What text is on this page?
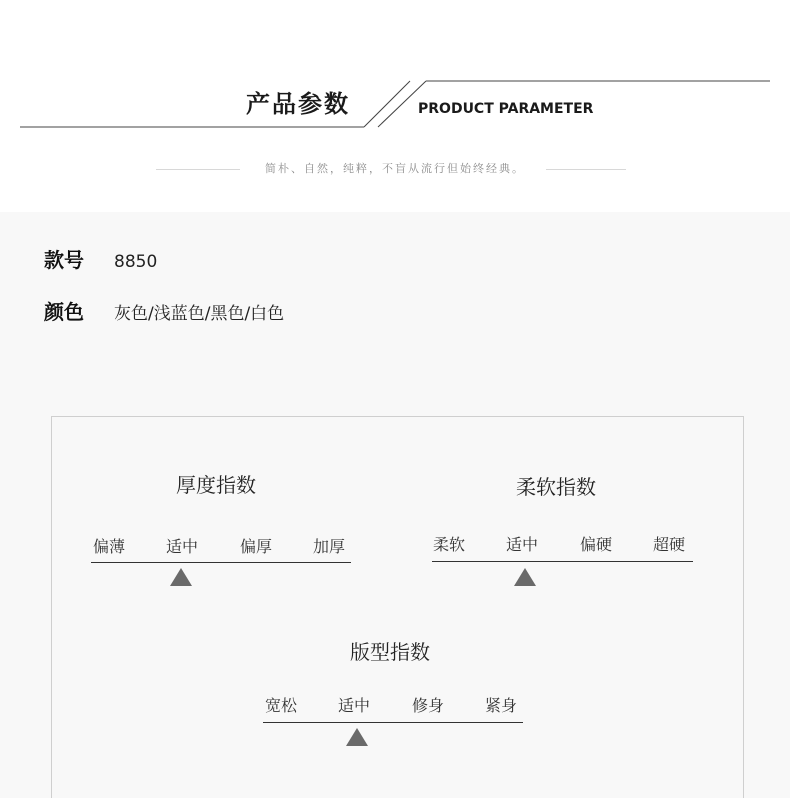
产品参数	PRODUCT PARAMETER
简朴、自然，纯粹，不盲从流行但始终经典。
款号 8850
颜色 灰色/浅蓝色/黑色/白色
厚度指数
偏薄	适中	偏厚	加厚
柔软指数
柔软	适中	偏硬	超硬
版型指数
宽松	适中	修身	紧身
